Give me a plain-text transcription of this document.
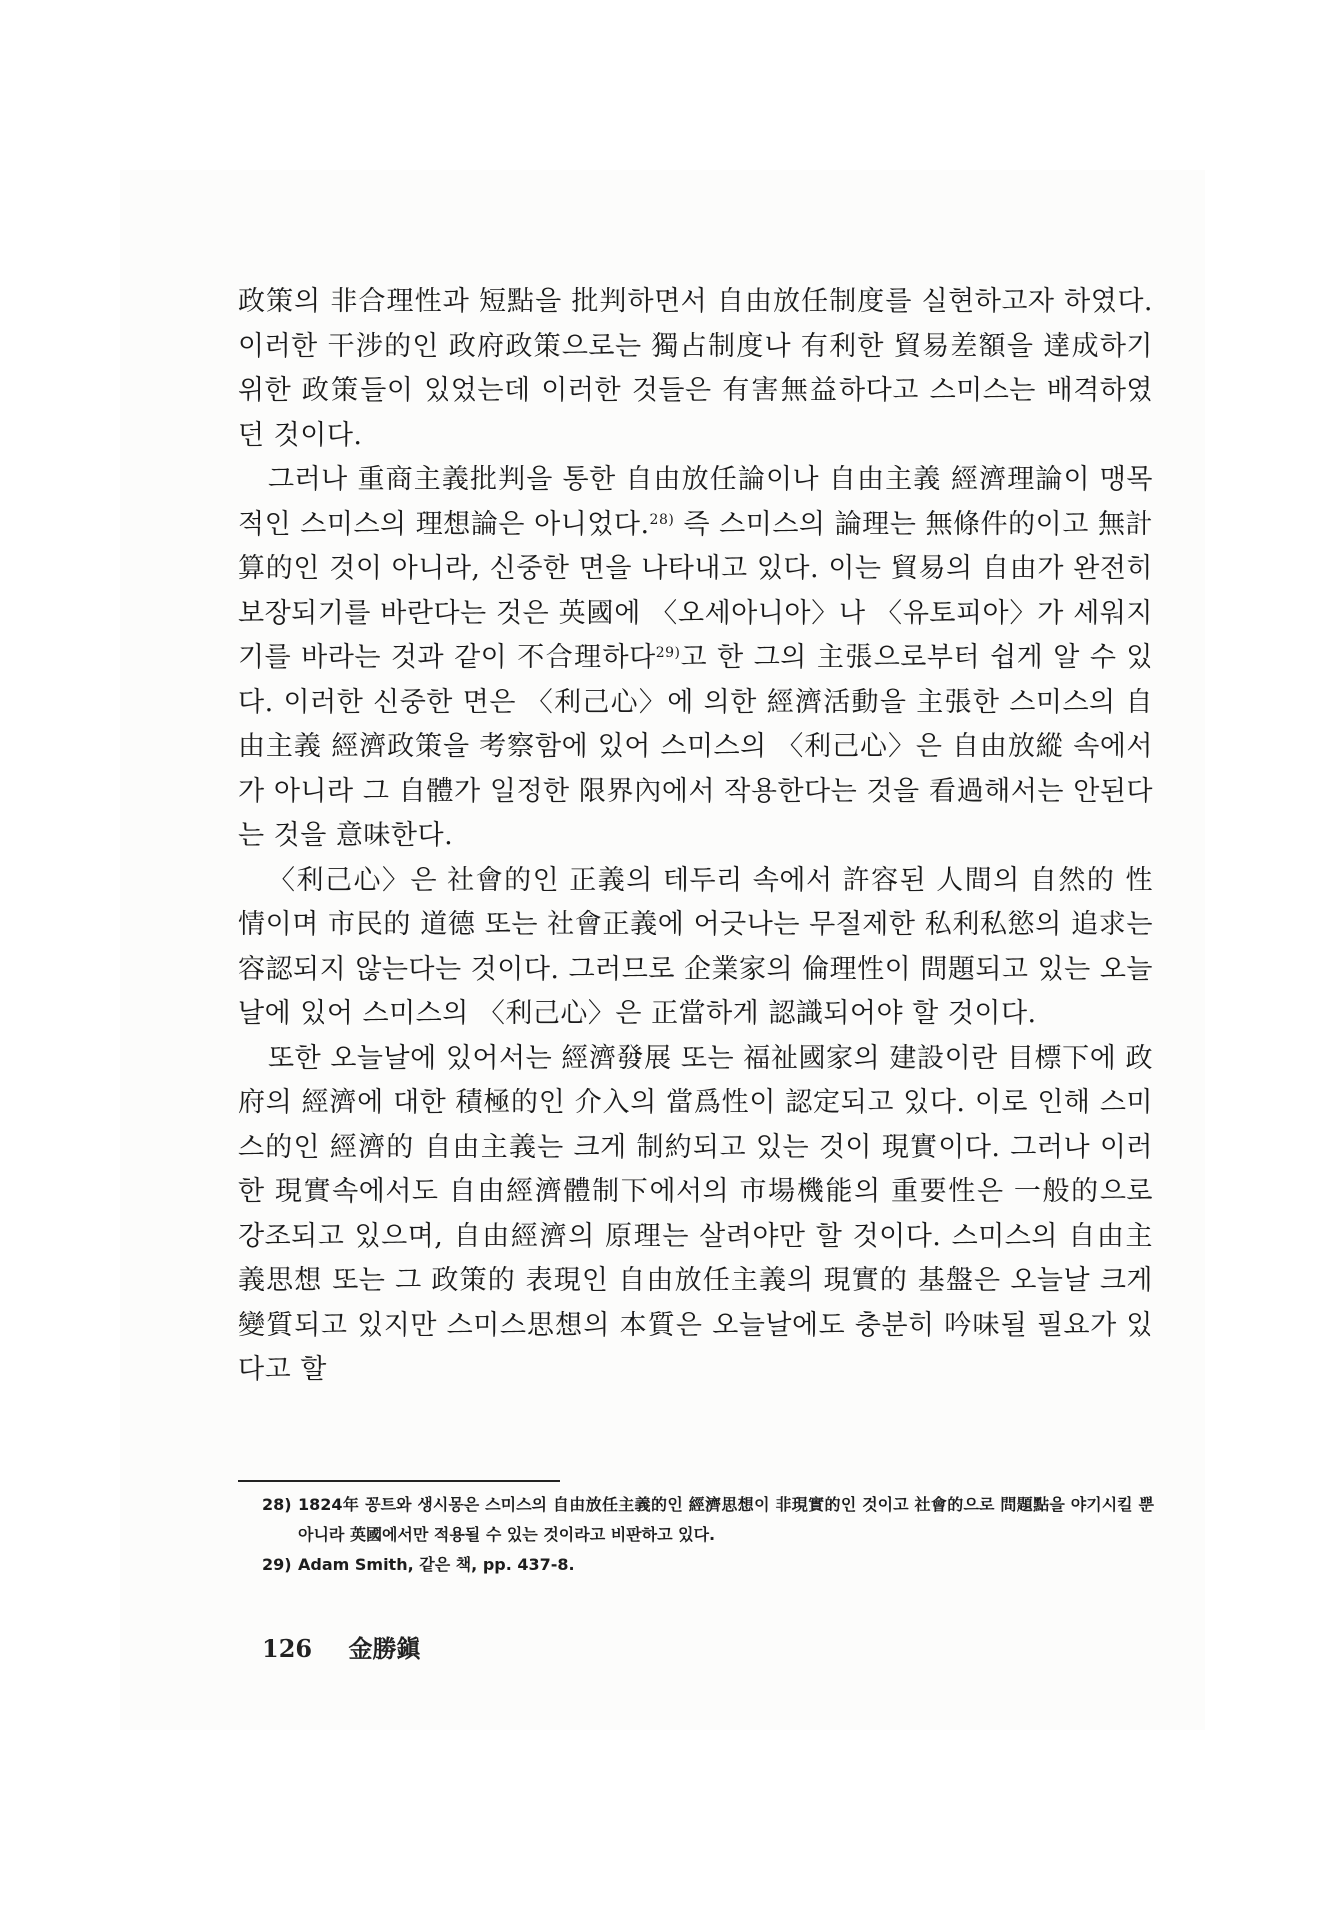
政策의 非合理性과 短點을 批判하면서 自由放任制度를 실현하고자 하였다. 이러한 干涉的인 政府政策으로는 獨占制度나 有利한 貿易差額을 達成하기 위한 政策들이 있었는데 이러한 것들은 有害無益하다고 스미스는 배격하였던 것이다.

그러나 重商主義批判을 통한 自由放任論이나 自由主義 經濟理論이 맹목적인 스미스의 理想論은 아니었다.$^{28)}$ 즉 스미스의 論理는 無條件的이고 無計算的인 것이 아니라, 신중한 면을 나타내고 있다. 이는 貿易의 自由가 완전히 보장되기를 바란다는 것은 英國에 〈오세아니아〉나 〈유토피아〉가 세워지기를 바라는 것과 같이 不合理하다$^{29)}$고 한 그의 主張으로부터 쉽게 알 수 있다. 이러한 신중한 면은 〈利己心〉에 의한 經濟活動을 主張한 스미스의 自由主義 經濟政策을 考察함에 있어 스미스의 〈利己心〉은 自由放縱 속에서가 아니라 그 自體가 일정한 限界內에서 작용한다는 것을 看過해서는 안된다는 것을 意味한다.

〈利己心〉은 社會的인 正義의 테두리 속에서 許容된 人間의 自然的 性情이며 市民的 道德 또는 社會正義에 어긋나는 무절제한 私利私慾의 追求는 容認되지 않는다는 것이다. 그러므로 企業家의 倫理性이 問題되고 있는 오늘날에 있어 스미스의 〈利己心〉은 正當하게 認識되어야 할 것이다.

또한 오늘날에 있어서는 經濟發展 또는 福祉國家의 建設이란 目標下에 政府의 經濟에 대한 積極的인 介入의 當爲性이 認定되고 있다. 이로 인해 스미스的인 經濟的 自由主義는 크게 制約되고 있는 것이 現實이다. 그러나 이러한 現實속에서도 自由經濟體制下에서의 市場機能의 重要性은 一般的으로 강조되고 있으며, 自由經濟의 原理는 살려야만 할 것이다. 스미스의 自由主義思想 또는 그 政策的 表現인 自由放任主義의 現實的 基盤은 오늘날 크게 變質되고 있지만 스미스思想의 本質은 오늘날에도 충분히 吟味될 필요가 있다고 할

28) 1824年 꽁트와 생시몽은 스미스의 自由放任主義的인 經濟思想이 非現實的인 것이고 社會的으로 問題點을 야기시킬 뿐 아니라 英國에서만 적용될 수 있는 것이라고 비판하고 있다.
29) Adam Smith, 같은 책, pp. 437-8.
126 金勝鎭
